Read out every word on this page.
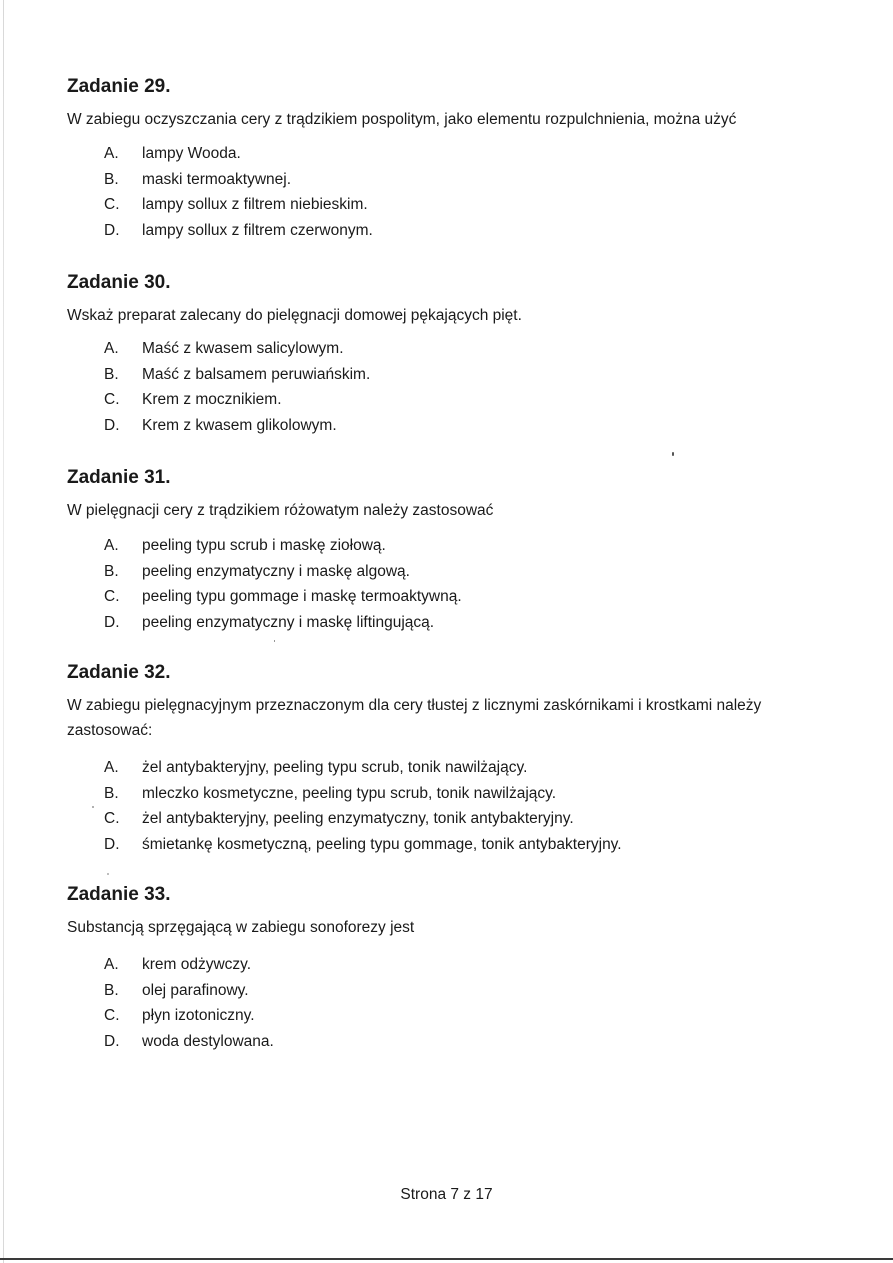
Zadanie 29.
W zabiegu oczyszczania cery z trądzikiem pospolitym, jako elementu rozpulchnienia, można użyć
A. lampy Wooda.
B. maski termoaktywnej.
C. lampy sollux z filtrem niebieskim.
D. lampy sollux z filtrem czerwonym.
Zadanie 30.
Wskaż preparat zalecany do pielęgnacji domowej pękających pięt.
A. Maść z kwasem salicylowym.
B. Maść z balsamem peruwiańskim.
C. Krem z mocznikiem.
D. Krem z kwasem glikolowym.
Zadanie 31.
W pielęgnacji cery z trądzikiem różowatym należy zastosować
A. peeling typu scrub i maskę ziołową.
B. peeling enzymatyczny i maskę algową.
C. peeling typu gommage i maskę termoaktywną.
D. peeling enzymatyczny i maskę liftingującą.
Zadanie 32.
W zabiegu pielęgnacyjnym przeznaczonym dla cery tłustej z licznymi zaskórnikami i krostkami należy zastosować:
A. żel antybakteryjny, peeling typu scrub, tonik nawilżający.
B. mleczko kosmetyczne, peeling typu scrub, tonik nawilżający.
C. żel antybakteryjny, peeling enzymatyczny, tonik antybakteryjny.
D. śmietankę kosmetyczną, peeling typu gommage, tonik antybakteryjny.
Zadanie 33.
Substancją sprzęgającą w zabiegu sonoforezy jest
A. krem odżywczy.
B. olej parafinowy.
C. płyn izotoniczny.
D. woda destylowana.
Strona 7 z 17
